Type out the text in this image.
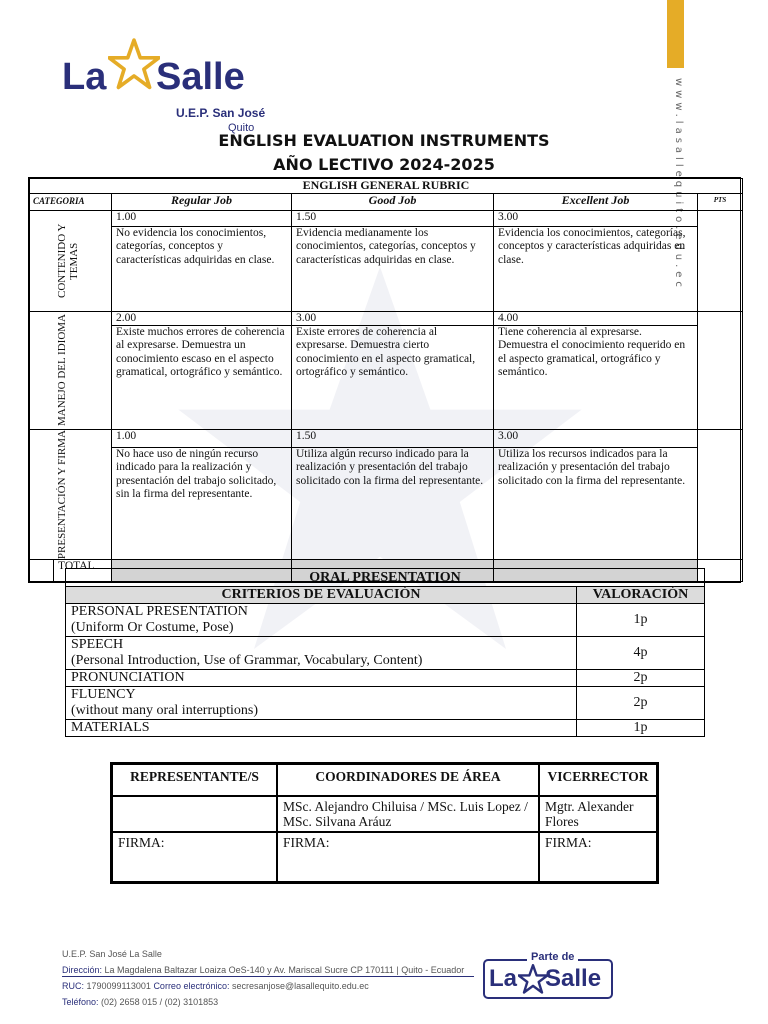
www.lasallequito.edu.ec
La Salle
U.E.P. San José
Quito
ENGLISH EVALUATION INSTRUMENTS
AÑO LECTIVO 2024-2025
ENGLISH GENERAL RUBRIC					
CATEGORIA		Regular Job	Good Job	Excellent Job	PTS

CONTENIDO Y TEMAS		1.00	1.50	3.00	
		No evidencia los conocimientos, categorías, conceptos y características adquiridas en clase.	Evidencia medianamente los conocimientos, categorías, conceptos y características adquiridas en clase.	Evidencia los conocimientos, categorías, conceptos y características adquiridas en clase.	

MANEJO DEL IDIOMA		2.00	3.00	4.00	
		Existe muchos errores de coherencia al expresarse. Demuestra un conocimiento escaso en el aspecto gramatical, ortográfico y semántico.	Existe errores de coherencia al expresarse. Demuestra cierto conocimiento en el aspecto gramatical, ortográfico y semántico.	Tiene coherencia al expresarse. Demuestra el conocimiento requerido en el aspecto gramatical, ortográfico y semántico.	

PRESENTACIÓN Y FIRMA		1.00	1.50	3.00	
		No hace uso de ningún recurso indicado para la realización y presentación del trabajo solicitado, sin la firma del representante.	Utiliza algún recurso indicado para la realización y presentación del trabajo solicitado con la firma del representante.	Utiliza los recursos indicados para la realización y presentación del trabajo solicitado con la firma del representante.	
	TOTAL				
ORAL PRESENTATION	
CRITERIOS DE EVALUACIÓN	VALORACIÓN

PERSONAL PRESENTATION
(Uniform Or Costume, Pose)	1p

SPEECH
(Personal Introduction, Use of Grammar, Vocabulary, Content)	4p

PRONUNCIATION	2p

FLUENCY
(without many oral interruptions)	2p

MATERIALS	1p
REPRESENTANTE/S	COORDINADORES DE ÁREA	VICERRECTOR
	MSc. Alejandro Chiluisa / MSc. Luis Lopez / MSc. Silvana Aráuz	Mgtr. Alexander Flores
FIRMA:	FIRMA:	FIRMA:
U.E.P. San José La Salle
Dirección: La Magdalena Baltazar Loaiza OeS-140 y Av. Mariscal Sucre CP 170111 | Quito - Ecuador
RUC: 1790099113001 Correo electrónico: secresanjose@lasallequito.edu.ec
Teléfono: (02) 2658 015 / (02) 3101853
Parte de
La Salle
